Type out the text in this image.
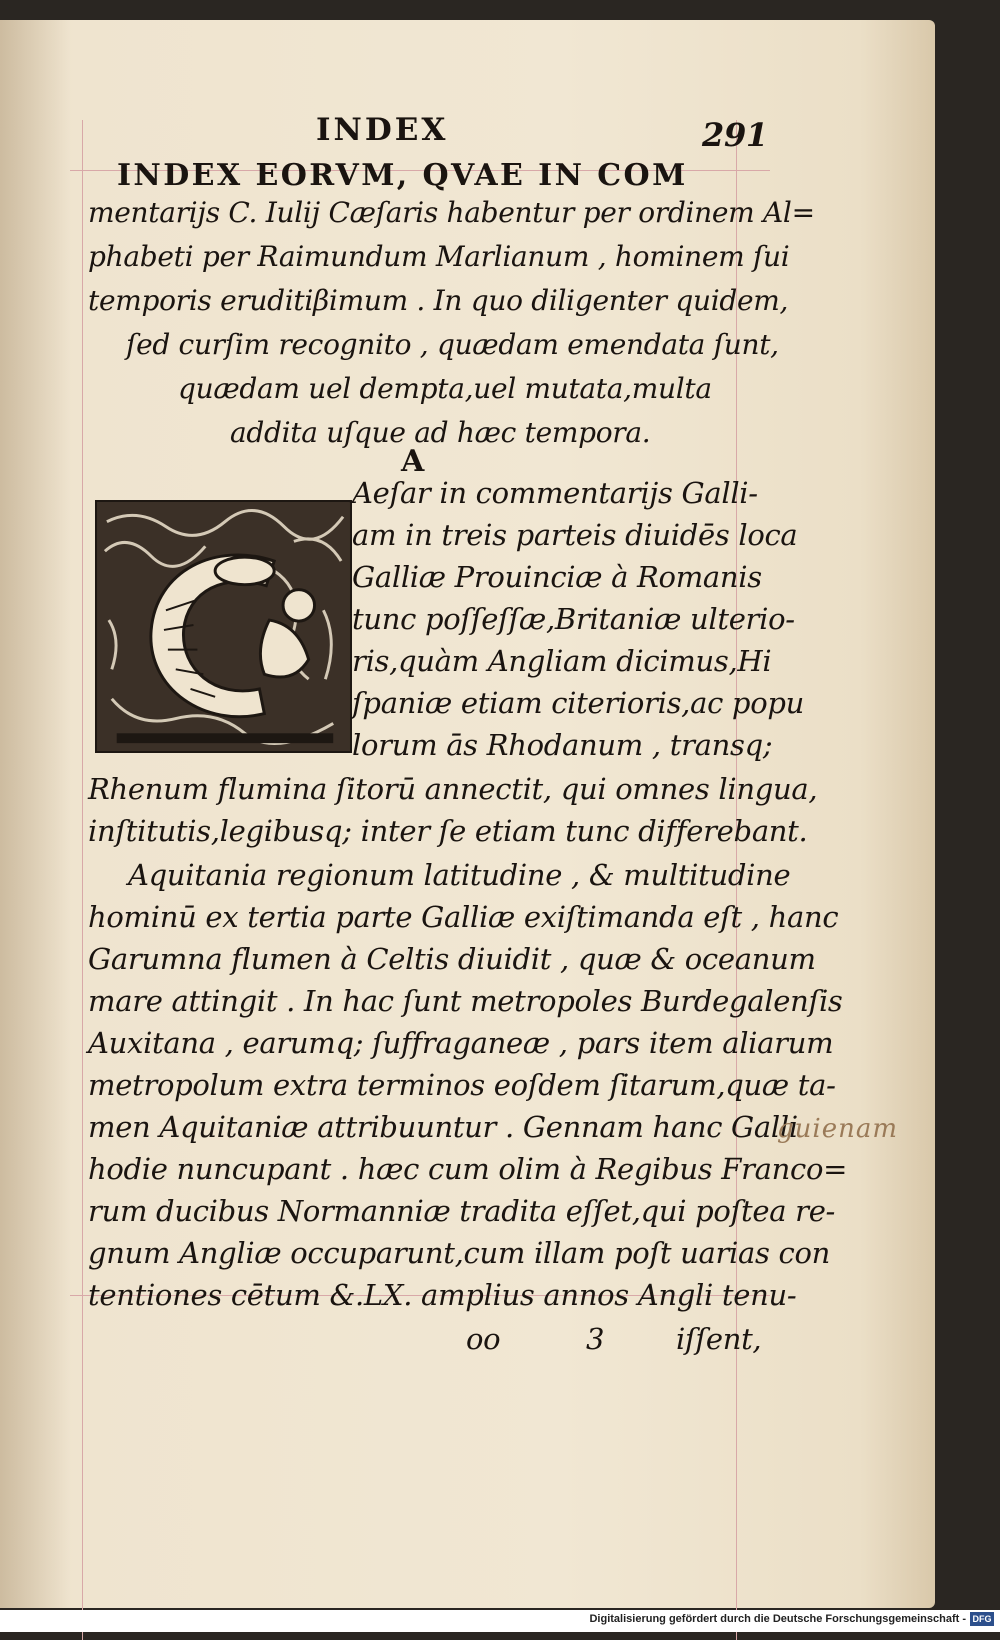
INDEX	291
INDEX EORVM, QVAE IN COM
mentarijs C. Iulij Cæſaris habentur per ordinem Al=
phabeti per Raimundum Marlianum , hominem ſui
temporis eruditiβimum . In quo diligenter quidem,
ſed curſim recognito , quædam emendata ſunt,
quædam uel dempta,uel mutata,multa
addita uſque ad hæc tempora.
A
Aeſar in commentarijs Galli-
am in treis parteis diuidēs loca
Galliæ Prouinciæ à Romanis
tunc poſſeſſæ,Britaniæ ulterio-
ris,quàm Angliam dicimus,Hi
ſpaniæ etiam citerioris,ac popu
lorum ās Rhodanum , transq;
Rhenum flumina ſitorū annectit, qui omnes lingua,
inſtitutis,legibusq; inter ſe etiam tunc differebant.
Aquitania regionum latitudine , & multitudine
hominū ex tertia parte Galliæ exiſtimanda eſt , hanc
Garumna flumen à Celtis diuidit , quæ & oceanum
mare attingit . In hac ſunt metropoles Burdegalenſis
Auxitana , earumq; ſuffraganeæ , pars item aliarum
metropolum extra terminos eoſdem ſitarum,quæ ta-
men Aquitaniæ attribuuntur . Gennam hanc Galli
hodie nuncupant . hæc cum olim à Regibus Franco=
rum ducibus Normanniæ tradita eſſet,qui poſtea re-
gnum Angliæ occuparunt,cum illam poſt uarias con
tentiones cētum &.LX. amplius annos Angli tenu-
oo	3 iſſent,
guienam
Digitalisierung gefördert durch die Deutsche Forschungsgemeinschaft - DFG
